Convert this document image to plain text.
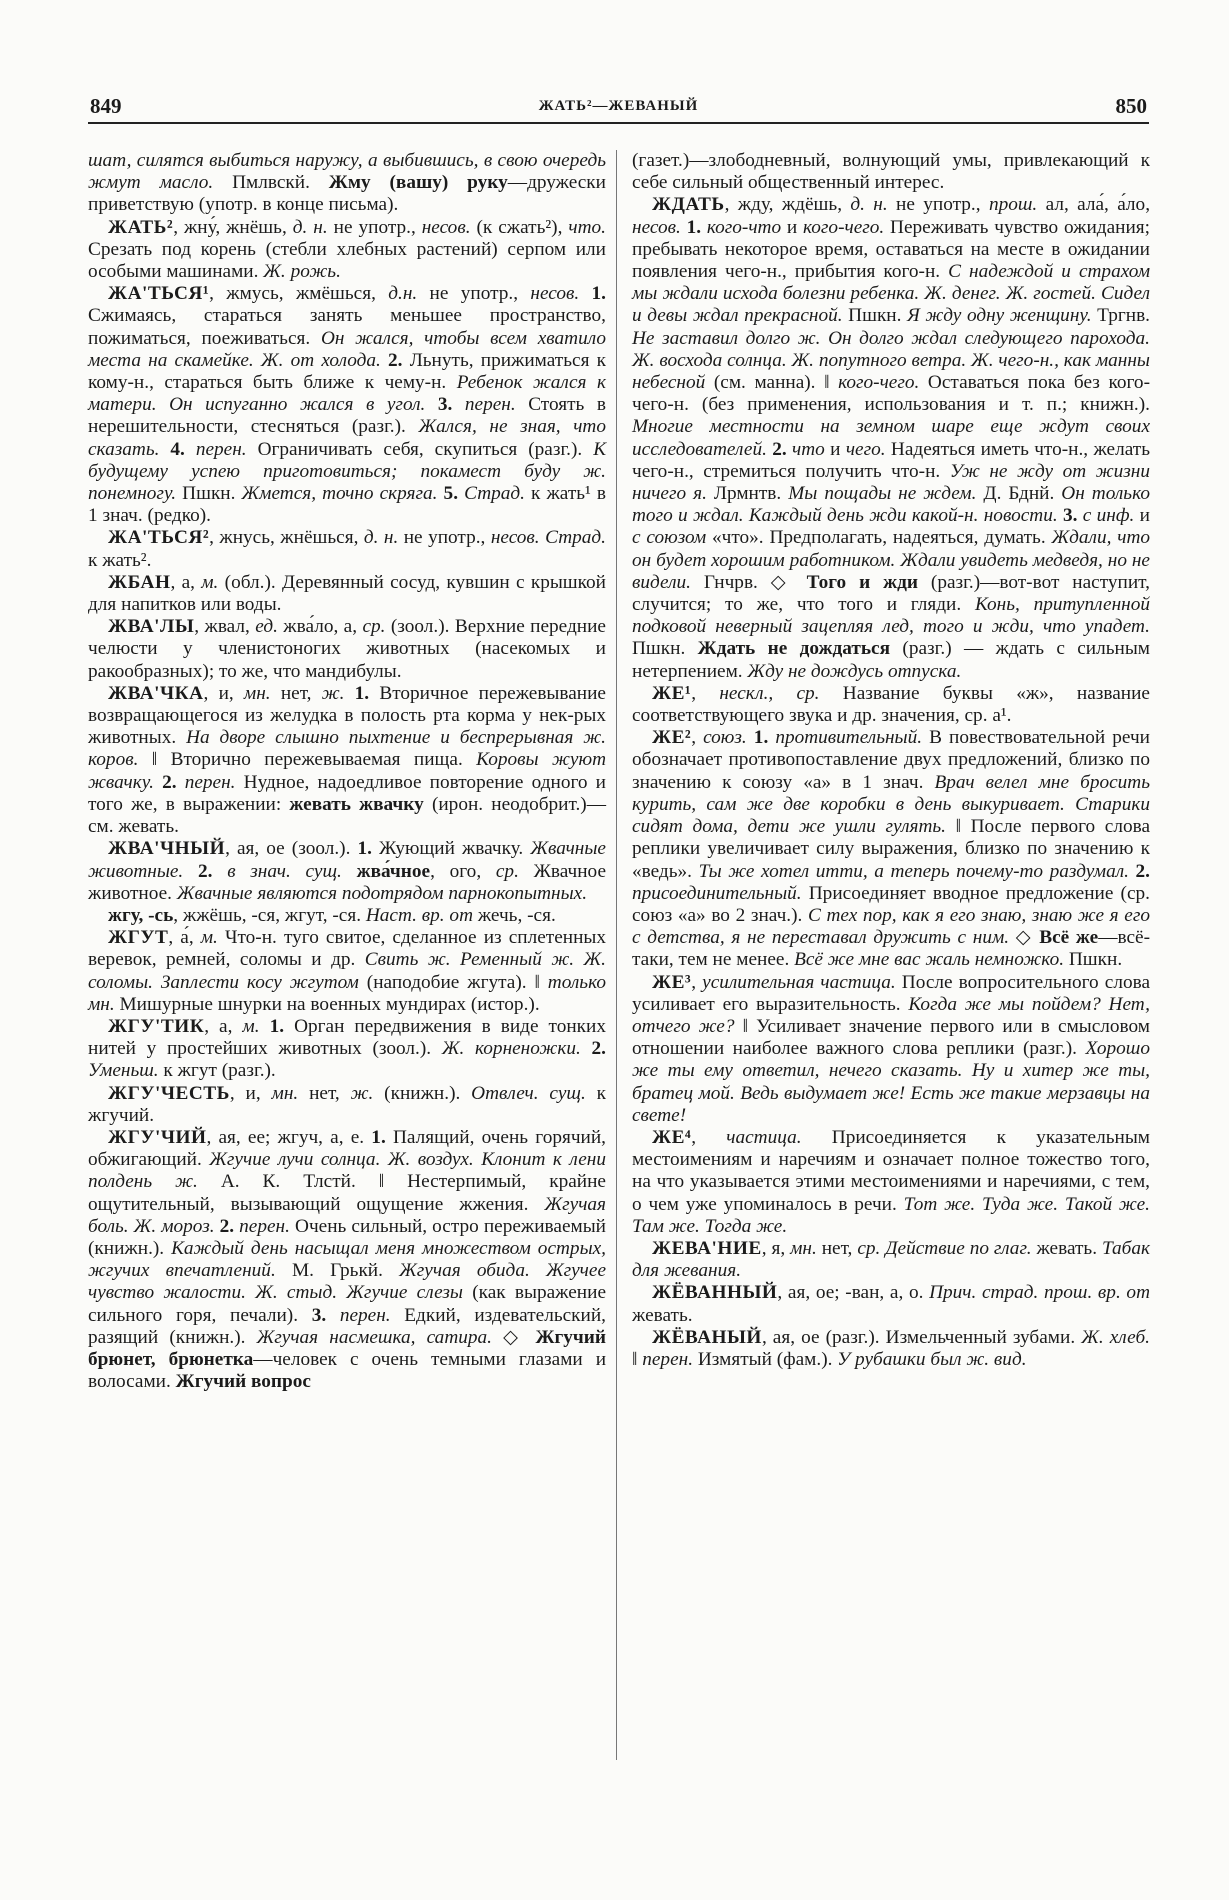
849	ЖАТЬ²—ЖЕВАНЫЙ	850

шат, силятся выбиться наружу, а выбившись, в свою очередь жмут масло. Пмлвскй. Жму (вашу) руку—дружески приветствую (употр. в конце письма).

ЖАТЬ², жну́, жнёшь, д. н. не употр., несов. (к сжать²), что. Срезать под корень (стебли хлебных растений) серпом или особыми машинами. Ж. рожь.

ЖА'ТЬСЯ¹, жмусь, жмёшься, д.н. не употр., несов. 1. Сжимаясь, стараться занять меньшее пространство, пожиматься, поеживаться. Он жался, чтобы всем хватило места на скамейке. Ж. от холода. 2. Льнуть, прижиматься к кому-н., стараться быть ближе к чему-н. Ребенок жался к матери. Он испуганно жался в угол. 3. перен. Стоять в нерешительности, стесняться (разг.). Жался, не зная, что сказать. 4. перен. Ограничивать себя, скупиться (разг.). К будущему успею приготовиться; покамест буду ж. понемногу. Пшкн. Жмется, точно скряга. 5. Страд. к жать¹ в 1 знач. (редко).

ЖА'ТЬСЯ², жнусь, жнёшься, д. н. не употр., несов. Страд. к жать².

ЖБАН, а, м. (обл.). Деревянный сосуд, кувшин с крышкой для напитков или воды.

ЖВА'ЛЫ, жвал, ед. жва́ло, а, ср. (зоол.). Верхние передние челюсти у членистоногих животных (насекомых и ракообразных); то же, что мандибулы.

ЖВА'ЧКА, и, мн. нет, ж. 1. Вторичное пережевывание возвращающегося из желудка в полость рта корма у нек-рых животных. На дворе слышно пыхтение и беспрерывная ж. коров. ‖ Вторично пережевываемая пища. Коровы жуют жвачку. 2. перен. Нудное, надоедливое повторение одного и того же, в выражении: жевать жвачку (ирон. неодобрит.)—см. жевать.

ЖВА'ЧНЫЙ, ая, ое (зоол.). 1. Жующий жвачку. Жвачные животные. 2. в знач. сущ. жва́чное, ого, ср. Жвачное животное. Жвачные являются подотрядом парнокопытных.

жгу, -сь, жжёшь, -ся, жгут, -ся. Наст. вр. от жечь, -ся.

ЖГУТ, а́, м. Что-н. туго свитое, сделанное из сплетенных веревок, ремней, соломы и др. Свить ж. Ременный ж. Ж. соломы. Заплести косу жгутом (наподобие жгута). ‖ только мн. Мишурные шнурки на военных мундирах (истор.).

ЖГУ'ТИК, а, м. 1. Орган передвижения в виде тонких нитей у простейших животных (зоол.). Ж. корненожки. 2. Уменьш. к жгут (разг.).

ЖГУ'ЧЕСТЬ, и, мн. нет, ж. (книжн.). Отвлеч. сущ. к жгучий.

ЖГУ'ЧИЙ, ая, ее; жгуч, а, е. 1. Палящий, очень горячий, обжигающий. Жгучие лучи солнца. Ж. воздух. Клонит к лени полдень ж. А. К. Тлстй. ‖ Нестерпимый, крайне ощутительный, вызывающий ощущение жжения. Жгучая боль. Ж. мороз. 2. перен. Очень сильный, остро переживаемый (книжн.). Каждый день насыщал меня множеством острых, жгучих впечатлений. М. Грькй. Жгучая обида. Жгучее чувство жалости. Ж. стыд. Жгучие слезы (как выражение сильного горя, печали). 3. перен. Едкий, издевательский, разящий (книжн.). Жгучая насмешка, сатира. ◇ Жгучий брюнет, брюнетка—человек с очень темными глазами и волосами. Жгучий вопрос

(газет.)—злободневный, волнующий умы, привлекающий к себе сильный общественный интерес.

ЖДАТЬ, жду, ждёшь, д. н. не употр., прош. ал, ала́, а́ло, несов. 1. кого-что и кого-чего. Переживать чувство ожидания; пребывать некоторое время, оставаться на месте в ожидании появления чего-н., прибытия кого-н. С надеждой и страхом мы ждали исхода болезни ребенка. Ж. денег. Ж. гостей. Сидел и девы ждал прекрасной. Пшкн. Я жду одну женщину. Тргнв. Не заставил долго ж. Он долго ждал следующего парохода. Ж. восхода солнца. Ж. попутного ветра. Ж. чего-н., как манны небесной (см. манна). ‖ кого-чего. Оставаться пока без кого-чего-н. (без применения, использования и т. п.; книжн.). Многие местности на земном шаре еще ждут своих исследователей. 2. что и чего. Надеяться иметь что-н., желать чего-н., стремиться получить что-н. Уж не жду от жизни ничего я. Лрмнтв. Мы пощады не ждем. Д. Бднй. Он только того и ждал. Каждый день жди какой-н. новости. 3. с инф. и с союзом «что». Предполагать, надеяться, думать. Ждали, что он будет хорошим работником. Ждали увидеть медведя, но не видели. Гнчрв. ◇ Того и жди (разг.)—вот-вот наступит, случится; то же, что того и гляди. Конь, притупленной подковой неверный зацепляя лед, того и жди, что упадет. Пшкн. Ждать не дождаться (разг.) — ждать с сильным нетерпением. Жду не дождусь отпуска.

ЖЕ¹, нескл., ср. Название буквы «ж», название соответствующего звука и др. значения, ср. а¹.

ЖЕ², союз. 1. противительный. В повествовательной речи обозначает противопоставление двух предложений, близко по значению к союзу «а» в 1 знач. Врач велел мне бросить курить, сам же две коробки в день выкуривает. Старики сидят дома, дети же ушли гулять. ‖ После первого слова реплики увеличивает силу выражения, близко по значению к «ведь». Ты же хотел итти, а теперь почему-то раздумал. 2. присоединительный. Присоединяет вводное предложение (ср. союз «а» во 2 знач.). С тех пор, как я его знаю, знаю же я его с детства, я не переставал дружить с ним. ◇ Всё же—всё-таки, тем не менее. Всё же мне вас жаль немножко. Пшкн.

ЖЕ³, усилительная частица. После вопросительного слова усиливает его выразительность. Когда же мы пойдем? Нет, отчего же? ‖ Усиливает значение первого или в смысловом отношении наиболее важного слова реплики (разг.). Хорошо же ты ему ответил, нечего сказать. Ну и хитер же ты, братец мой. Ведь выдумает же! Есть же такие мерзавцы на свете!

ЖЕ⁴, частица. Присоединяется к указательным местоимениям и наречиям и означает полное тожество того, на что указывается этими местоимениями и наречиями, с тем, о чем уже упоминалось в речи. Тот же. Туда же. Такой же. Там же. Тогда же.

ЖЕВА'НИЕ, я, мн. нет, ср. Действие по глаг. жевать. Табак для жевания.

ЖЁВАННЫЙ, ая, ое; -ван, а, о. Прич. страд. прош. вр. от жевать.

ЖЁВАНЫЙ, ая, ое (разг.). Измельченный зубами. Ж. хлеб. ‖ перен. Измятый (фам.). У рубашки был ж. вид.
